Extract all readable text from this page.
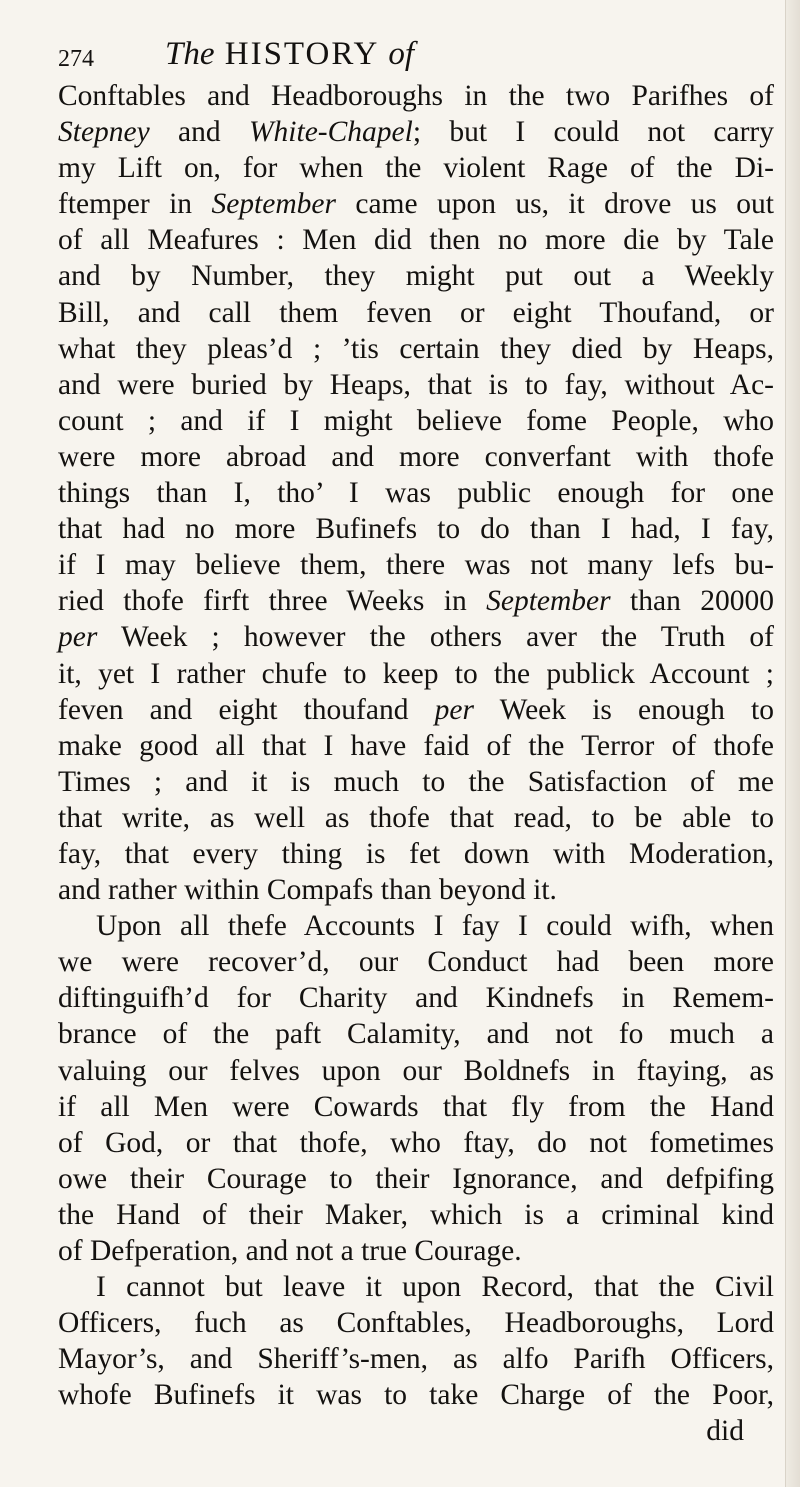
274 The HISTORY of
Conftables and Headboroughs in the two Parifhes of
Stepney and White-Chapel; but I could not carry
my Lift on, for when the violent Rage of the Di-
ftemper in September came upon us, it drove us out
of all Meafures : Men did then no more die by Tale
and by Number, they might put out a Weekly
Bill, and call them feven or eight Thoufand, or
what they pleas’d ; ’tis certain they died by Heaps,
and were buried by Heaps, that is to fay, without Ac-
count ; and if I might believe fome People, who
were more abroad and more converfant with thofe
things than I, tho’ I was public enough for one
that had no more Bufinefs to do than I had, I fay,
if I may believe them, there was not many lefs bu-
ried thofe firft three Weeks in September than 20000
per Week ; however the others aver the Truth of
it, yet I rather chufe to keep to the publick Account ;
feven and eight thoufand per Week is enough to
make good all that I have faid of the Terror of thofe
Times ; and it is much to the Satisfaction of me
that write, as well as thofe that read, to be able to
fay, that every thing is fet down with Moderation,
and rather within Compafs than beyond it.
Upon all thefe Accounts I fay I could wifh, when
we were recover’d, our Conduct had been more
diftinguifh’d for Charity and Kindnefs in Remem-
brance of the paft Calamity, and not fo much a
valuing our felves upon our Boldnefs in ftaying, as
if all Men were Cowards that fly from the Hand
of God, or that thofe, who ftay, do not fometimes
owe their Courage to their Ignorance, and defpifing
the Hand of their Maker, which is a criminal kind
of Defperation, and not a true Courage.
I cannot but leave it upon Record, that the Civil
Officers, fuch as Conftables, Headboroughs, Lord
Mayor’s, and Sheriff’s-men, as alfo Parifh Officers,
whofe Bufinefs it was to take Charge of the Poor,
did
